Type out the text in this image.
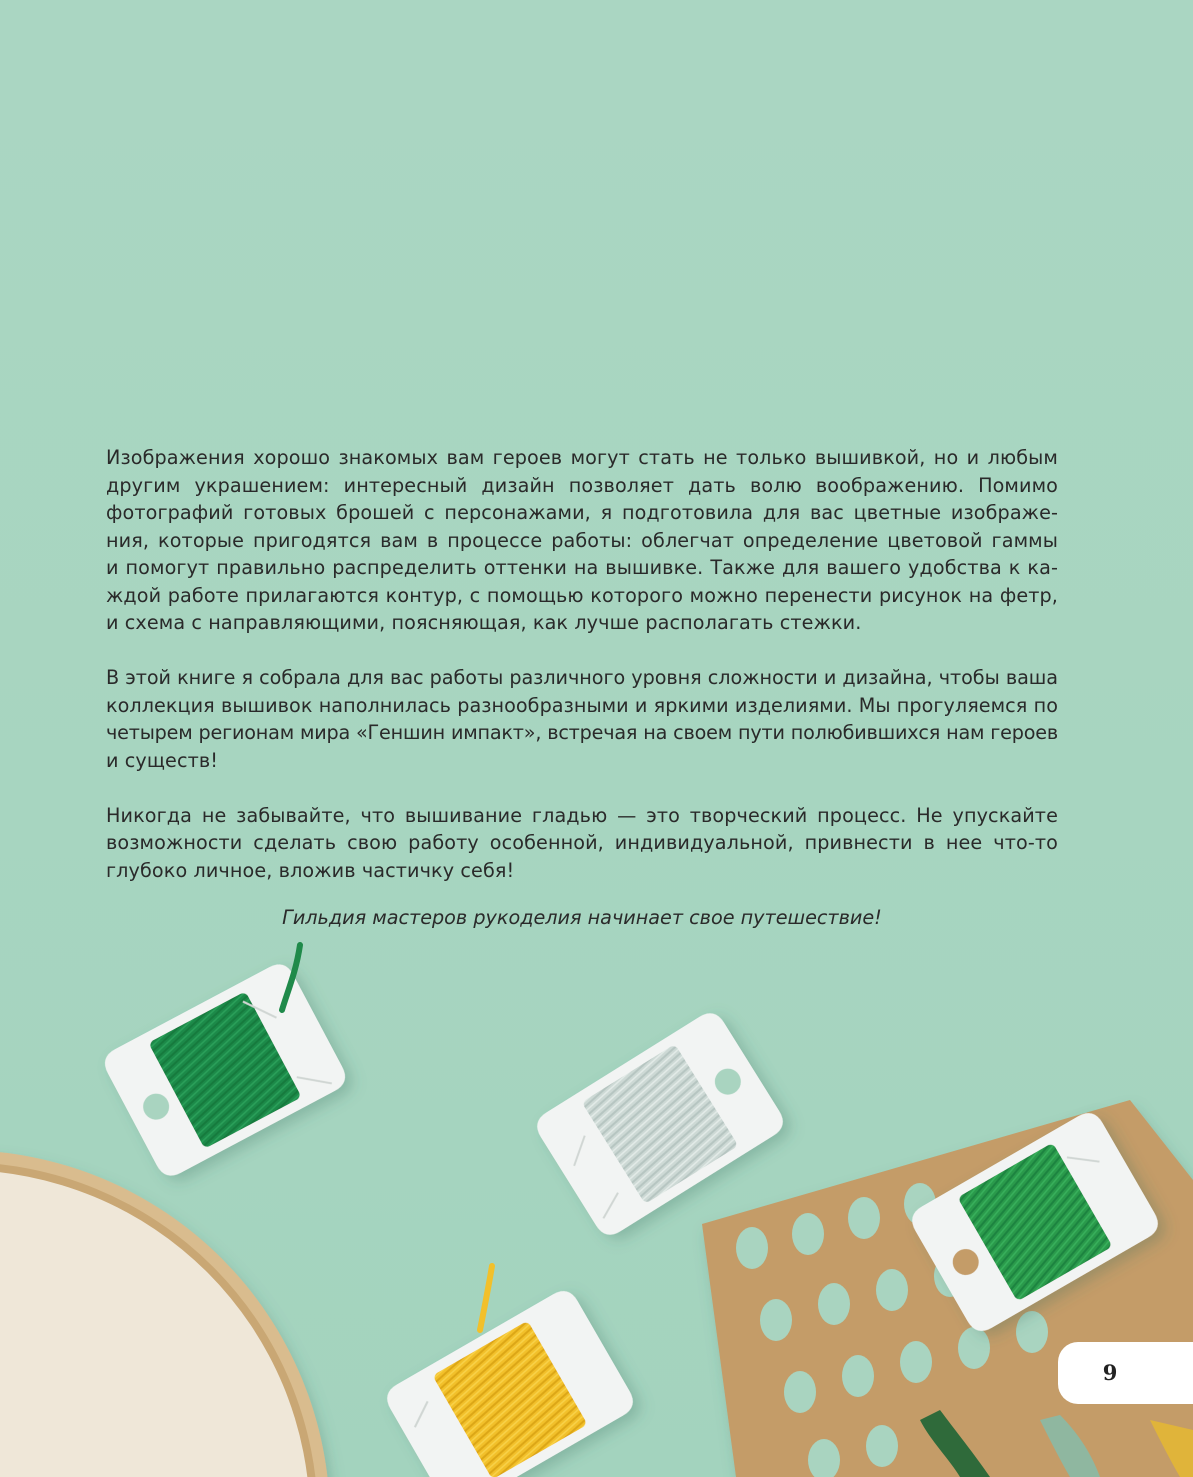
Изображения хорошо знакомых вам героев могут стать не только вышивкой, но и любым
другим украшением: интересный дизайн позволяет дать волю воображению. Помимо
фотографий готовых брошей с персонажами, я подготовила для вас цветные изображе-
ния, которые пригодятся вам в процессе работы: облегчат определение цветовой гаммы
и помогут правильно распределить оттенки на вышивке. Также для вашего удобства к ка-
ждой работе прилагаются контур, с помощью которого можно перенести рисунок на фетр,
и схема с направляющими, поясняющая, как лучше располагать стежки.

В этой книге я собрала для вас работы различного уровня сложности и дизайна, чтобы ваша
коллекция вышивок наполнилась разнообразными и яркими изделиями. Мы прогуляемся по
четырем регионам мира «Геншин импакт», встречая на своем пути полюбившихся нам героев
и существ!

Никогда не забывайте, что вышивание гладью — это творческий процесс. Не упускайте
возможности сделать свою работу особенной, индивидуальной, привнести в нее что-то
глубоко личное, вложив частичку себя!

Гильдия мастеров рукоделия начинает свое путешествие!
9
